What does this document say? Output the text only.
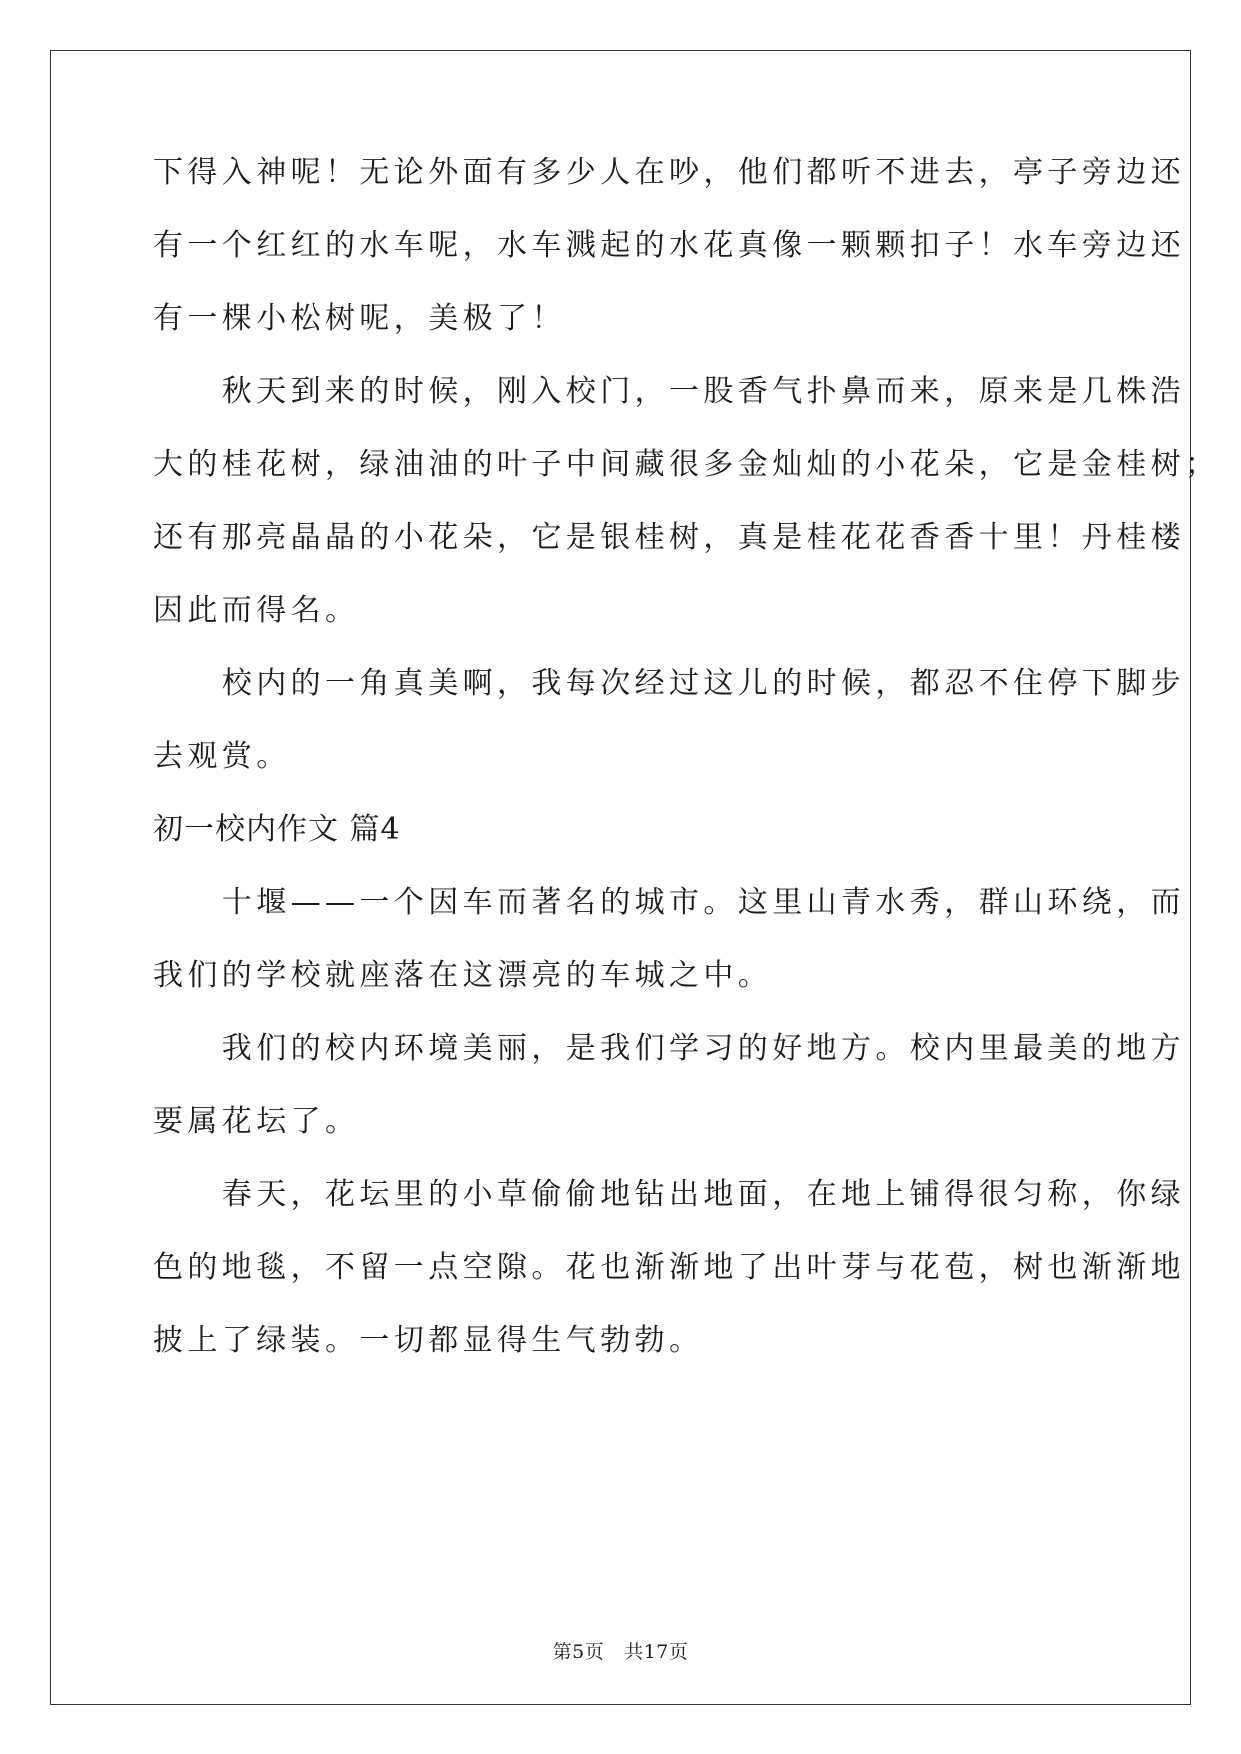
下得入神呢！无论外面有多少人在吵，他们都听不进去，亭子旁边还
有一个红红的水车呢，水车溅起的水花真像一颗颗扣子！水车旁边还
有一棵小松树呢，美极了！
　　秋天到来的时候，刚入校门，一股香气扑鼻而来，原来是几株浩
大的桂花树，绿油油的叶子中间藏很多金灿灿的小花朵，它是金桂树；
还有那亮晶晶的小花朵，它是银桂树，真是桂花花香香十里！丹桂楼
因此而得名。
　　校内的一角真美啊，我每次经过这儿的时候，都忍不住停下脚步
去观赏。
初一校内作文 篇4
　　十堰——一个因车而著名的城市。这里山青水秀，群山环绕，而
我们的学校就座落在这漂亮的车城之中。
　　我们的校内环境美丽，是我们学习的好地方。校内里最美的地方
要属花坛了。
　　春天，花坛里的小草偷偷地钻出地面，在地上铺得很匀称，你绿
色的地毯，不留一点空隙。花也渐渐地了出叶芽与花苞，树也渐渐地
披上了绿装。一切都显得生气勃勃。
第5页 共17页
